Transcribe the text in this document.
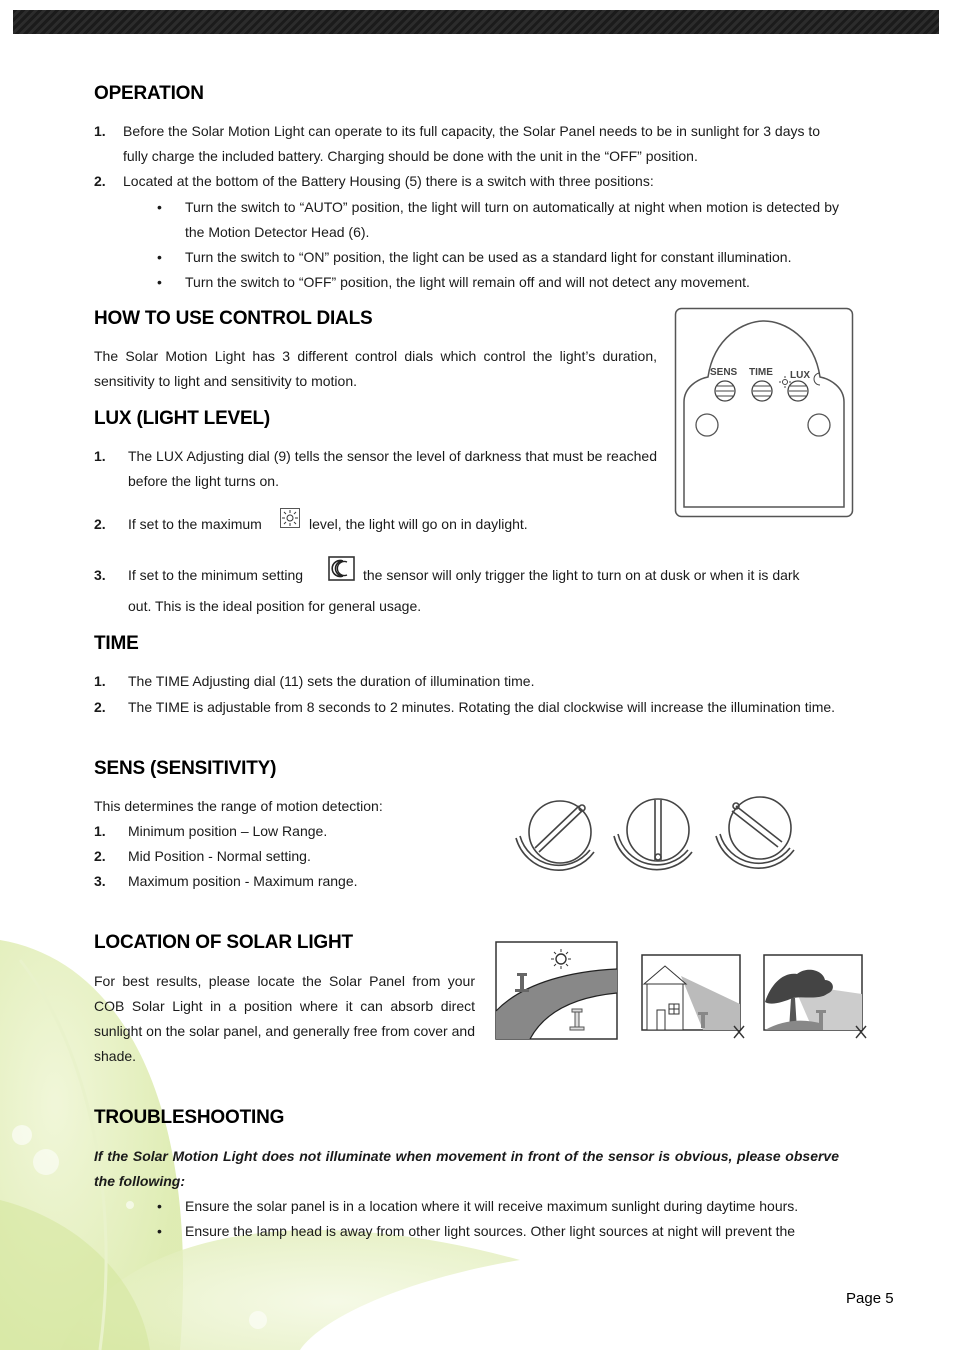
OPERATION
1. Before the Solar Motion Light can operate to its full capacity, the Solar Panel needs to be in sunlight for 3 days to fully charge the included battery. Charging should be done with the unit in the “OFF” position.

2. Located at the bottom of the Battery Housing (5) there is a switch with three positions:

• Turn the switch to “AUTO” position, the light will turn on automatically at night when motion is detected by the Motion Detector Head (6).

• Turn the switch to “ON” position, the light can be used as a standard light for constant illumination.

• Turn the switch to “OFF” position, the light will remain off and will not detect any movement.

HOW TO USE CONTROL DIALS

The Solar Motion Light has 3 different control dials which control the light’s duration, sensitivity to light and sensitivity to motion.

SENS TIME LUX
LUX (LIGHT LEVEL)
1. The LUX Adjusting dial (9) tells the sensor the level of darkness that must be reached before the light turns on.

2. If set to the maximum	level, the light will go on in daylight.
3. If set to the minimum setting	the sensor will only trigger the light to turn on at dusk or when it is dark

out. This is the ideal position for general usage.

TIME
1. The TIME Adjusting dial (11) sets the duration of illumination time.

2. The TIME is adjustable from 8 seconds to 2 minutes. Rotating the dial clockwise will increase the illumination time.

SENS (SENSITIVITY)

This determines the range of motion detection:

1. Minimum position – Low Range.

2. Mid Position - Normal setting.

3. Maximum position - Maximum range.

LOCATION OF SOLAR LIGHT

For best results, please locate the Solar Panel from your COB Solar Light in a position where it can absorb direct sunlight on the solar panel, and generally free from cover and shade.

TROUBLESHOOTING

If the Solar Motion Light does not illuminate when movement in front of the sensor is obvious, please observe the following:

• Ensure the solar panel is in a location where it will receive maximum sunlight during daytime hours.

• Ensure the lamp head is away from other light sources. Other light sources at night will prevent the

Page 5
